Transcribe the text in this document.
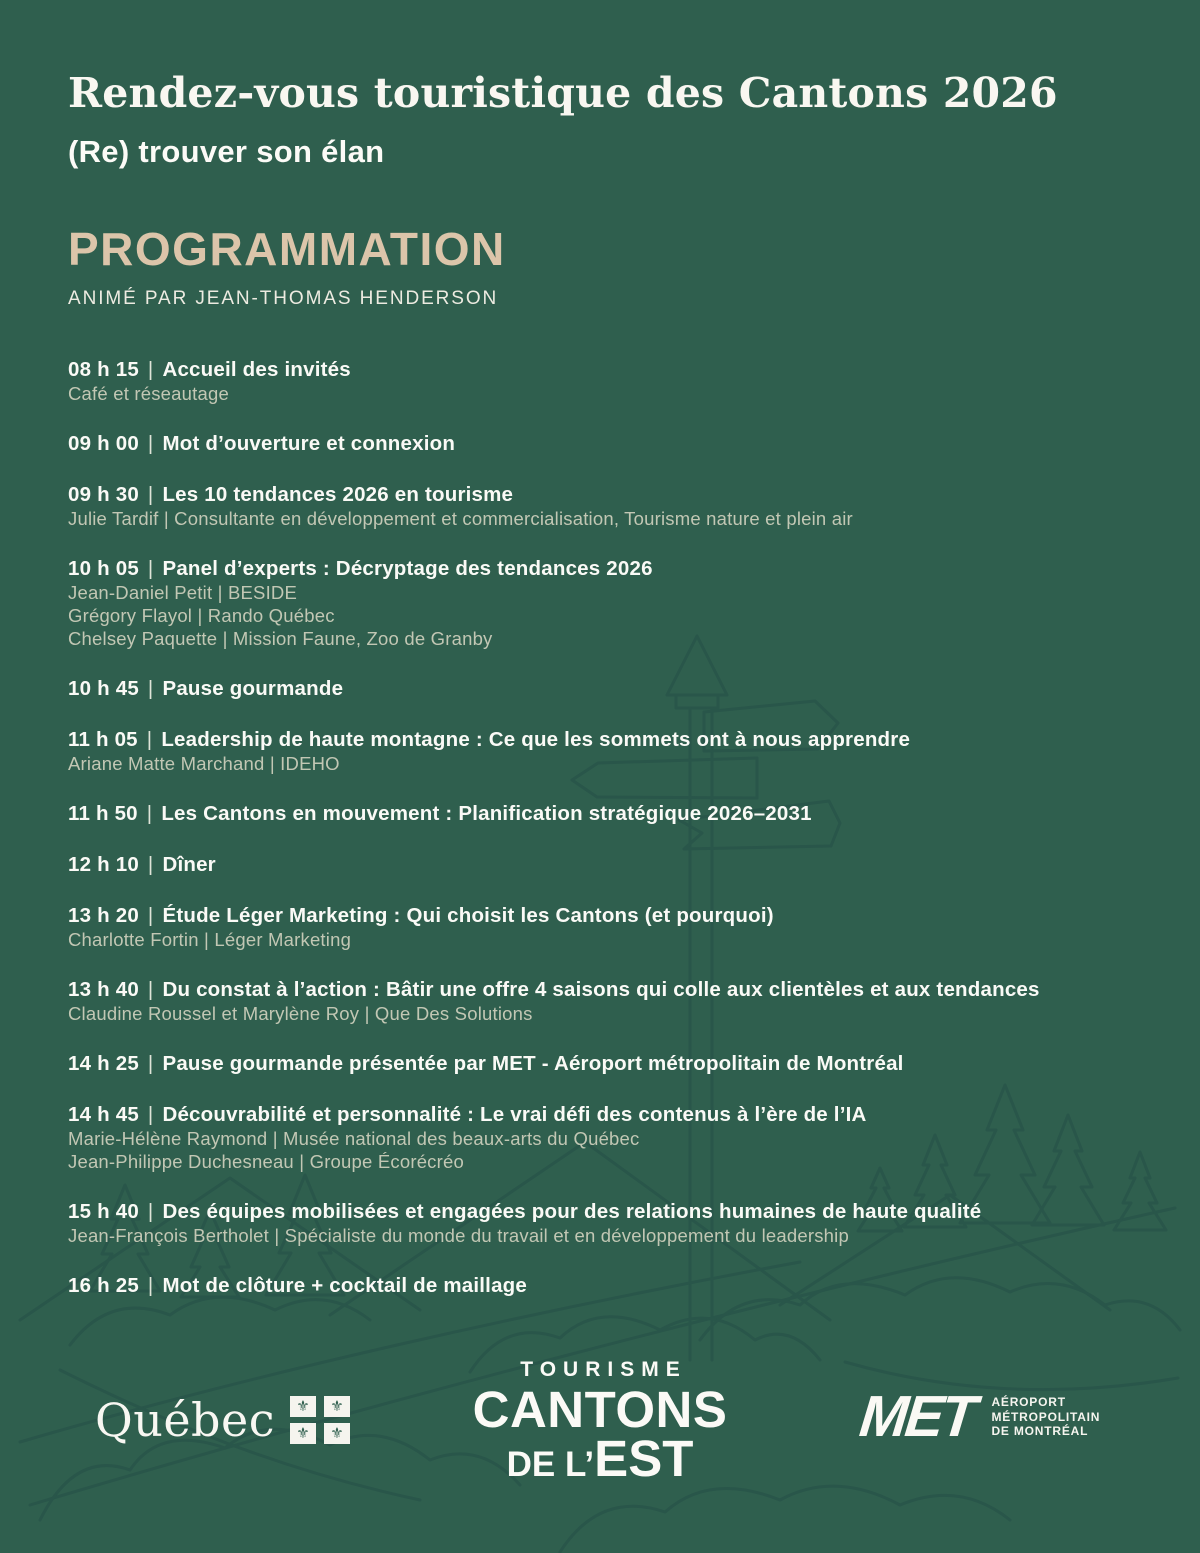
Rendez-vous touristique des Cantons 2026
(Re) trouver son élan
PROGRAMMATION
ANIMÉ PAR JEAN-THOMAS HENDERSON
08 h 15 | Accueil des invités
Café et réseautage
09 h 00 | Mot d’ouverture et connexion
09 h 30 | Les 10 tendances 2026 en tourisme
Julie Tardif | Consultante en développement et commercialisation, Tourisme nature et plein air
10 h 05 | Panel d’experts : Décryptage des tendances 2026
Jean-Daniel Petit | BESIDE
Grégory Flayol | Rando Québec
Chelsey Paquette | Mission Faune, Zoo de Granby
10 h 45 | Pause gourmande
11 h 05 | Leadership de haute montagne : Ce que les sommets ont à nous apprendre
Ariane Matte Marchand | IDEHO
11 h 50 | Les Cantons en mouvement : Planification stratégique 2026–2031
12 h 10 | Dîner
13 h 20 | Étude Léger Marketing : Qui choisit les Cantons (et pourquoi)
Charlotte Fortin | Léger Marketing
13 h 40 | Du constat à l’action : Bâtir une offre 4 saisons qui colle aux clientèles et aux tendances
Claudine Roussel et Marylène Roy | Que Des Solutions
14 h 25 | Pause gourmande présentée par MET - Aéroport métropolitain de Montréal
14 h 45 | Découvrabilité et personnalité : Le vrai défi des contenus à l’ère de l’IA
Marie-Hélène Raymond | Musée national des beaux-arts du Québec
Jean-Philippe Duchesneau | Groupe Écorécréo
15 h 40 | Des équipes mobilisées et engagées pour des relations humaines de haute qualité
Jean-François Bertholet | Spécialiste du monde du travail et en développement du leadership
16 h 25 | Mot de clôture + cocktail de maillage
Québec ⚜ ⚜
⚜ ⚜
TOURISME
CANTONS
DE L’EST
MET AÉROPORT
MÉTROPOLITAIN
DE MONTRÉAL
